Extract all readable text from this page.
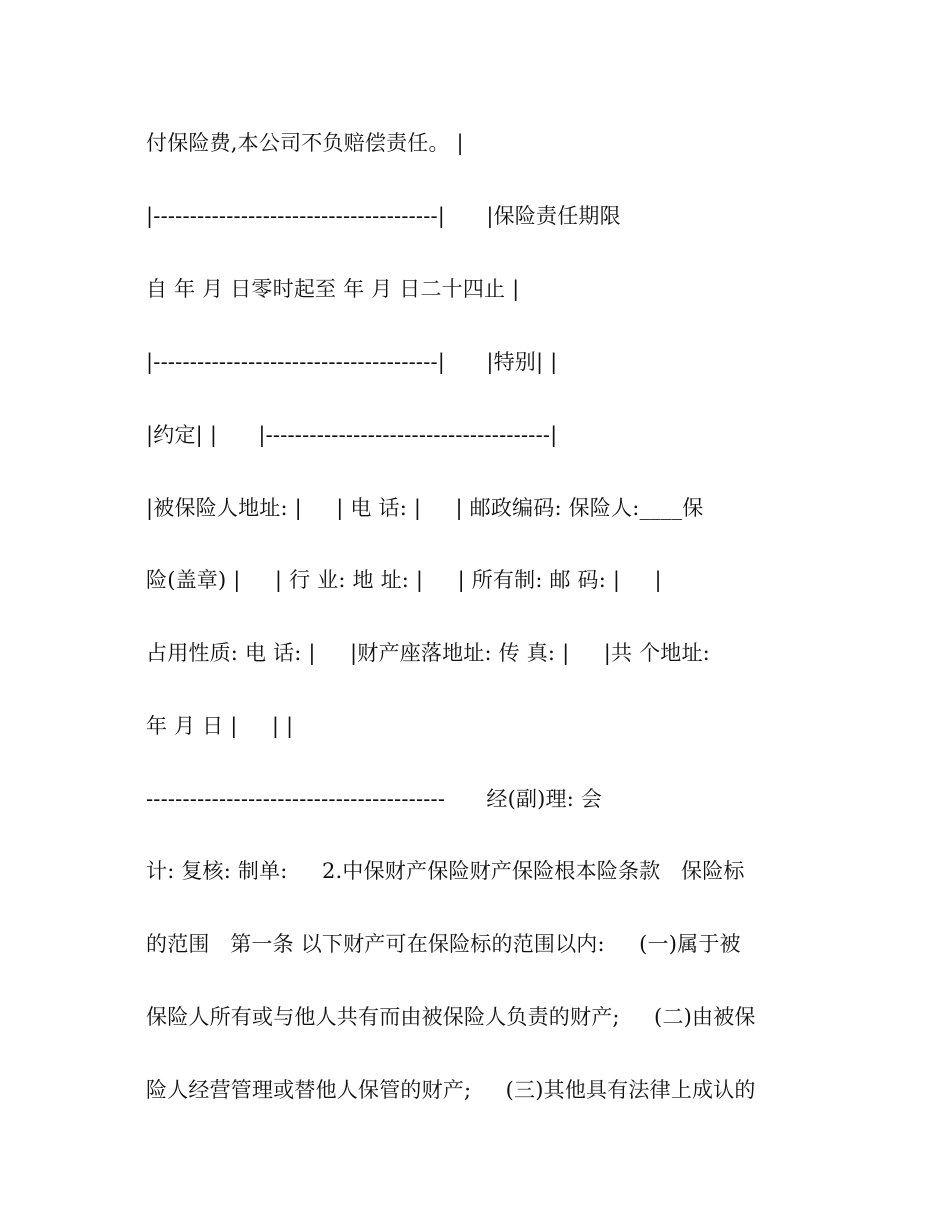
付保险费,本公司不负赔偿责任。 |
|---------------------------------------|      |保险责任期限
自 年 月 日零时起至 年 月 日二十四止 |
|---------------------------------------|      |特别| |
|约定| |      |---------------------------------------|
|被保险人地址: |     | 电 话: |     | 邮政编码: 保险人:____保
险(盖章) |     | 行 业: 地 址: |     | 所有制: 邮 码: |     |
占用性质: 电 话: |     |财产座落地址: 传 真: |     |共 个地址:
年 月 日 |     | |
-----------------------------------------      经(副)理: 会
计: 复核: 制单:     2.中保财产保险财产保险根本险条款   保险标
的范围   第一条 以下财产可在保险标的范围以内:     (一)属于被
保险人所有或与他人共有而由被保险人负责的财产;     (二)由被保
险人经营管理或替他人保管的财产;     (三)其他具有法律上成认的
